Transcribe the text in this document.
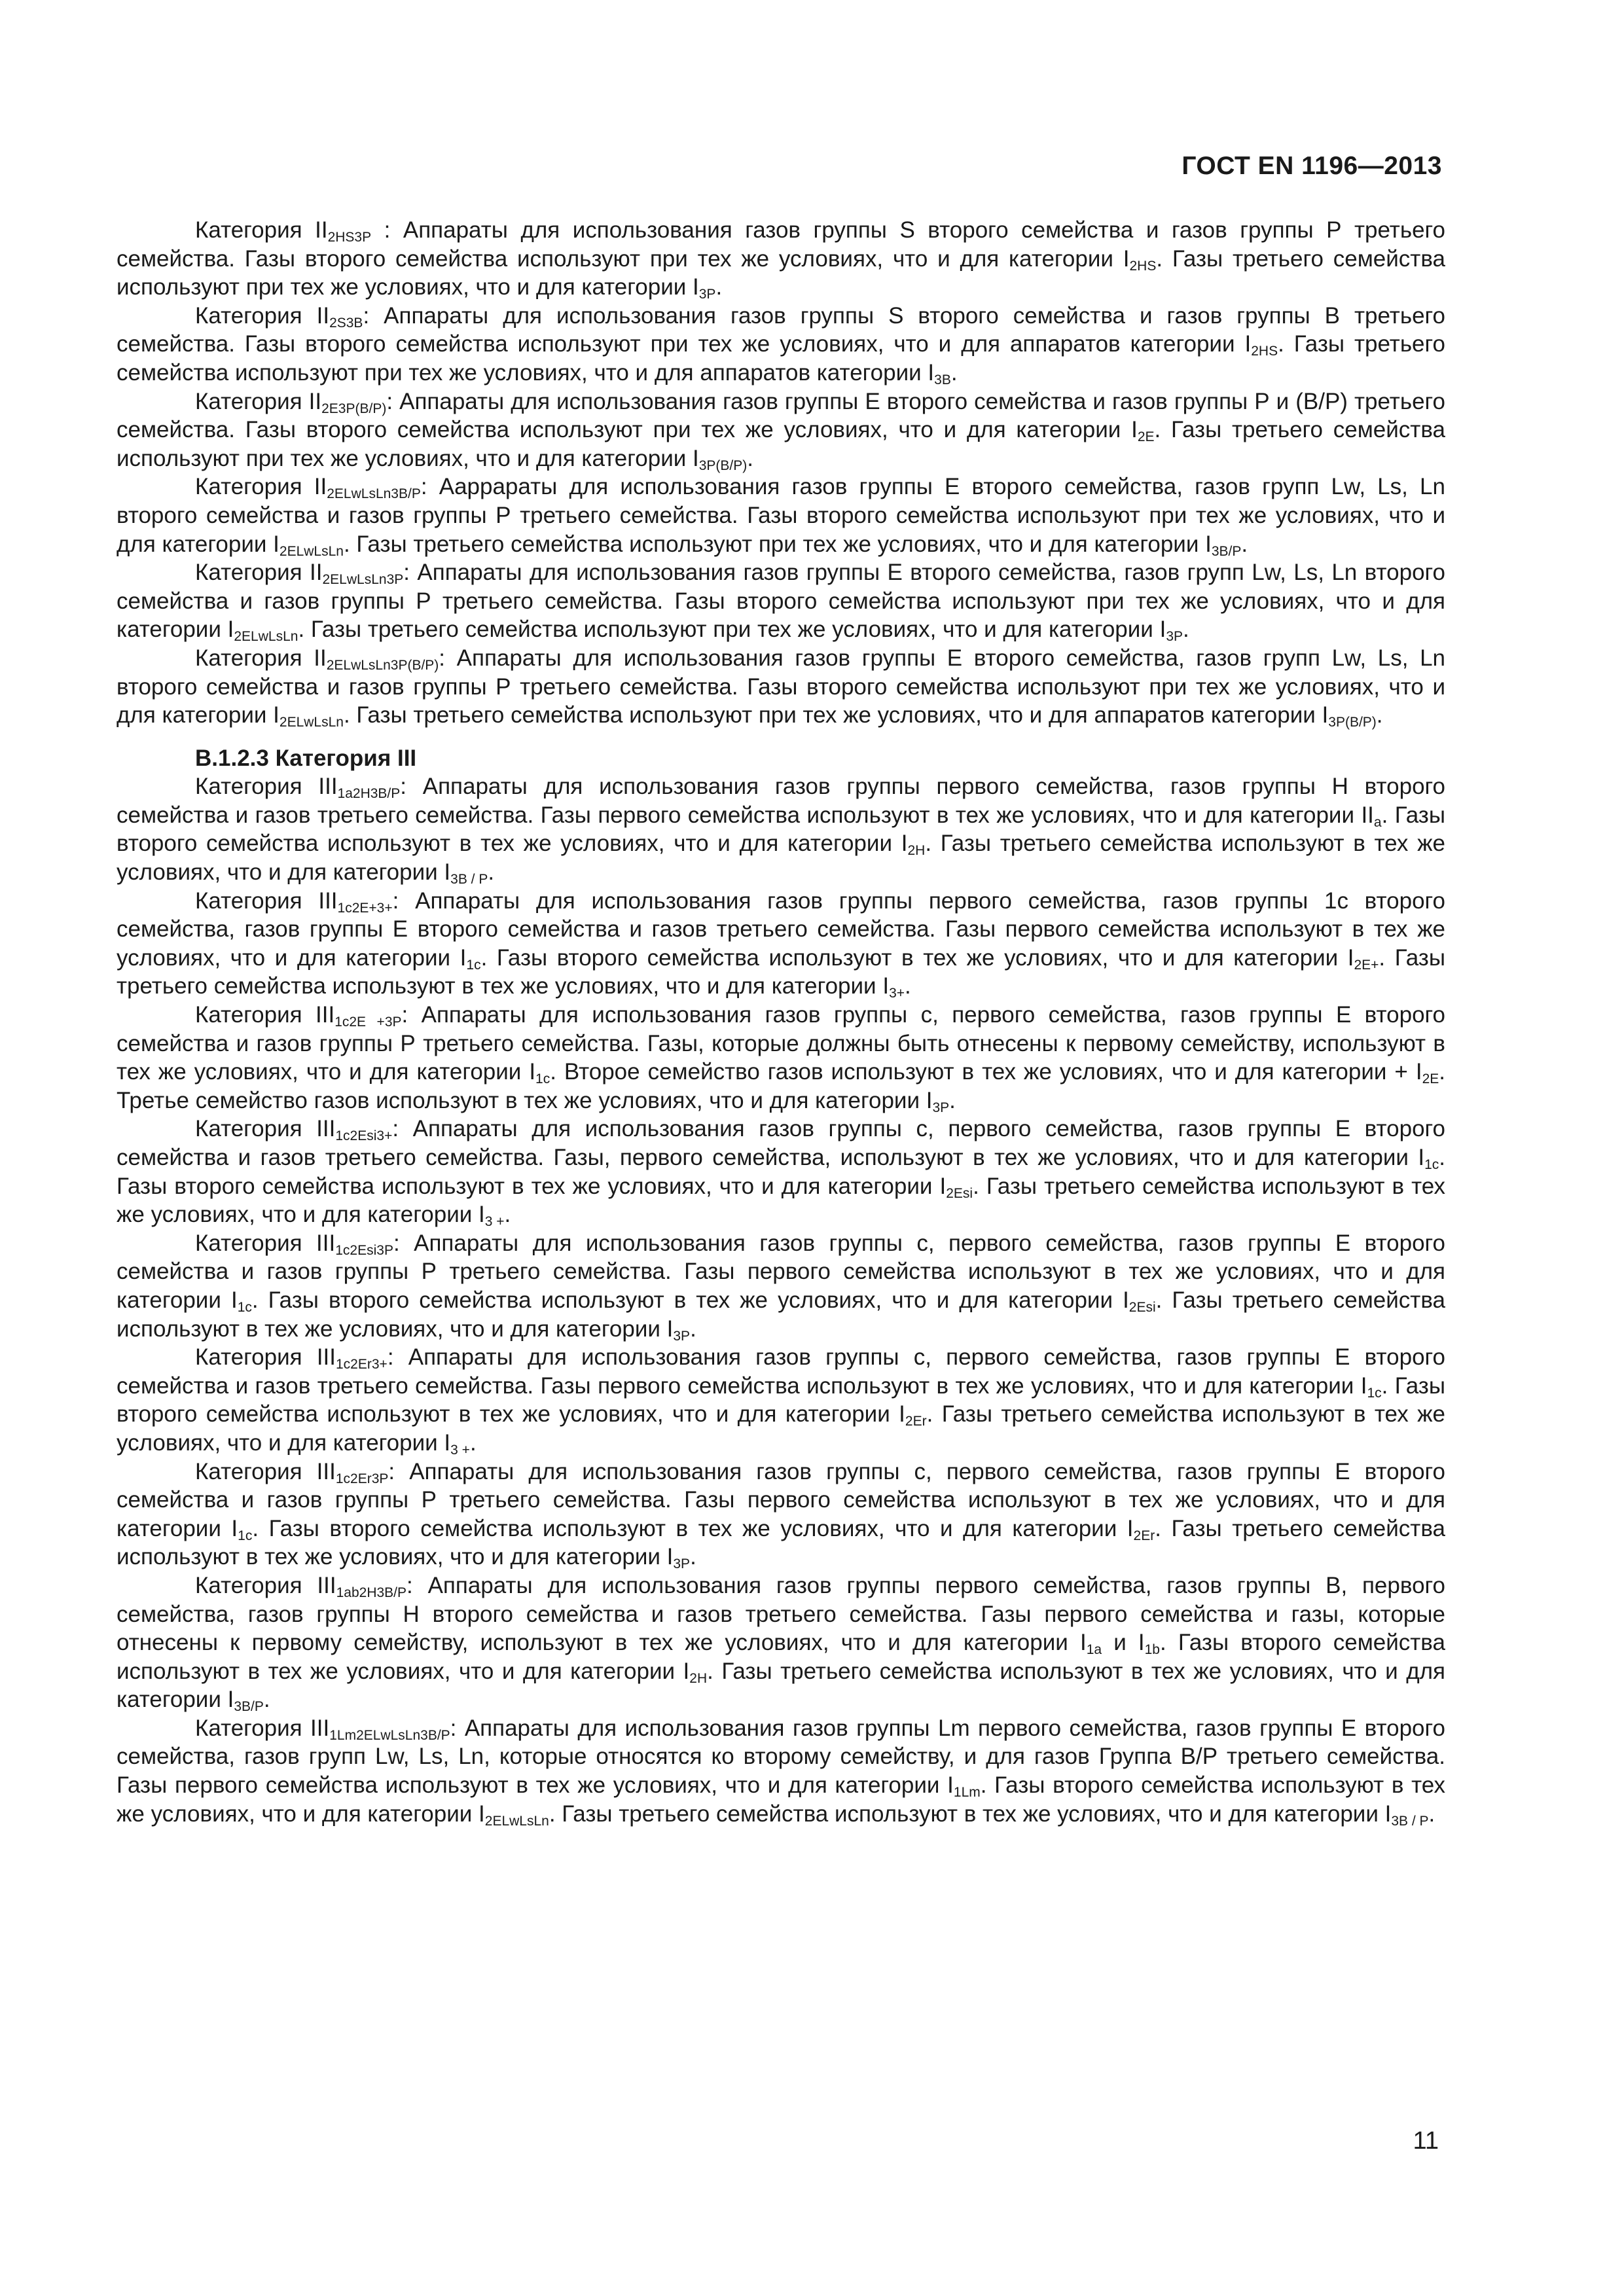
ГОСТ EN 1196—2013

Категория $II_{2HS3P}$ : Аппараты для использования газов группы S второго семейства и газов группы Р третьего семейства. Газы второго семейства используют при тех же условиях, что и для категории $I_{2HS}$. Газы третьего семейства используют при тех же условиях, что и для категории $I_{3P}$.

Категория $II_{2S3B}$: Аппараты для использования газов группы S второго семейства и газов группы В третьего семейства. Газы второго семейства используют при тех же условиях, что и для аппаратов категории $I_{2HS}$. Газы третьего семейства используют при тех же условиях, что и для аппаратов категории $I_{3B}$.

Категория $II_{2E3P(B/P)}$: Аппараты для использования газов группы Е второго семейства и газов группы Р и (В/Р) третьего семейства. Газы второго семейства используют при тех же условиях, что и для категории $I_{2E}$. Газы третьего семейства используют при тех же условиях, что и для категории $I_{3P(B/P)}$.

Категория $II_{2ELwLsLn3B/P}$: Аappараты для использования газов группы Е второго семейства, газов групп Lw, Ls, Ln второго семейства и газов группы Р третьего семейства. Газы второго семейства используют при тех же условиях, что и для категории $I_{2ELwLsLn}$. Газы третьего семейства используют при тех же условиях, что и для категории $I_{3B/P}$.

Категория $II_{2ELwLsLn3P}$: Аппараты для использования газов группы Е второго семейства, газов групп Lw, Ls, Ln второго семейства и газов группы Р третьего семейства. Газы второго семейства используют при тех же условиях, что и для категории $I_{2ELwLsLn}$. Газы третьего семейства используют при тех же условиях, что и для категории $I_{3P}$.

Категория $II_{2ELwLsLn3P(B/P)}$: Аппараты для использования газов группы Е второго семейства, газов групп Lw, Ls, Ln второго семейства и газов группы Р третьего семейства. Газы второго семейства используют при тех же условиях, что и для категории $I_{2ELwLsLn}$. Газы третьего семейства используют при тех же условиях, что и для аппаратов категории $I_{3P(B/P)}$.

B.1.2.3 Категория III

Категория $III_{1a2H3B/P}$: Аппараты для использования газов группы первого семейства, газов группы Н второго семейства и газов третьего семейства. Газы первого семейства используют в тех же условиях, что и для категории $II_a$. Газы второго семейства используют в тех же условиях, что и для категории $I_{2H}$. Газы третьего семейства используют в тех же условиях, что и для категории $I_{3B / P}$.

Категория $III_{1c2E+3+}$: Аппараты для использования газов группы первого семейства, газов группы 1с второго семейства, газов группы Е второго семейства и газов третьего семейства. Газы первого семейства используют в тех же условиях, что и для категории $I_{1c}$. Газы второго семейства используют в тех же условиях, что и для категории $I_{2E+}$. Газы третьего семейства используют в тех же условиях, что и для категории $I_{3+}$.

Категория $III_{1c2E +3P}$: Аппараты для использования газов группы с, первого семейства, газов группы Е второго семейства и газов группы Р третьего семейства. Газы, которые должны быть отнесены к первому семейству, используют в тех же условиях, что и для категории $I_{1c}$. Второе семейство газов используют в тех же условиях, что и для категории + $I_{2E}$. Третье семейство газов используют в тех же условиях, что и для категории $I_{3P}$.

Категория $III_{1c2Esi3+}$: Аппараты для использования газов группы с, первого семейства, газов группы Е второго семейства и газов третьего семейства. Газы, первого семейства, используют в тех же условиях, что и для категории $I_{1c}$. Газы второго семейства используют в тех же условиях, что и для категории $I_{2Esi}$. Газы третьего семейства используют в тех же условиях, что и для категории $I_{3 +}$.

Категория $III_{1c2Esi3P}$: Аппараты для использования газов группы с, первого семейства, газов группы Е второго семейства и газов группы Р третьего семейства. Газы первого семейства используют в тех же условиях, что и для категории $I_{1c}$. Газы второго семейства используют в тех же условиях, что и для категории $I_{2Esi}$. Газы третьего семейства используют в тех же условиях, что и для категории $I_{3P}$.

Категория $III_{1c2Er3+}$: Аппараты для использования газов группы с, первого семейства, газов группы Е второго семейства и газов третьего семейства. Газы первого семейства используют в тех же условиях, что и для категории $I_{1c}$. Газы второго семейства используют в тех же условиях, что и для категории $I_{2Er}$. Газы третьего семейства используют в тех же условиях, что и для категории $I_{3 +}$.

Категория $III_{1c2Er3P}$: Аппараты для использования газов группы с, первого семейства, газов группы Е второго семейства и газов группы Р третьего семейства. Газы первого семейства используют в тех же условиях, что и для категории $I_{1c}$. Газы второго семейства используют в тех же условиях, что и для категории $I_{2Er}$. Газы третьего семейства используют в тех же условиях, что и для категории $I_{3P}$.

Категория $III_{1ab2H3B/P}$: Аппараты для использования газов группы первого семейства, газов группы В, первого семейства, газов группы Н второго семейства и газов третьего семейства. Газы первого семейства и газы, которые отнесены к первому семейству, используют в тех же условиях, что и для категории $I_{1a}$ и $I_{1b}$. Газы второго семейства используют в тех же условиях, что и для категории $I_{2H}$. Газы третьего семейства используют в тех же условиях, что и для категории $I_{3B/P}$.

Категория $III_{1Lm2ELwLsLn3B/P}$: Аппараты для использования газов группы Lm первого семейства, газов группы Е второго семейства, газов групп Lw, Ls, Ln, которые относятся ко второму семейству, и для газов Группа В/Р третьего семейства. Газы первого семейства используют в тех же условиях, что и для категории $I_{1Lm}$. Газы второго семейства используют в тех же условиях, что и для категории $I_{2ELwLsLn}$. Газы третьего семейства используют в тех же условиях, что и для категории $I_{3B / P}$.

11
